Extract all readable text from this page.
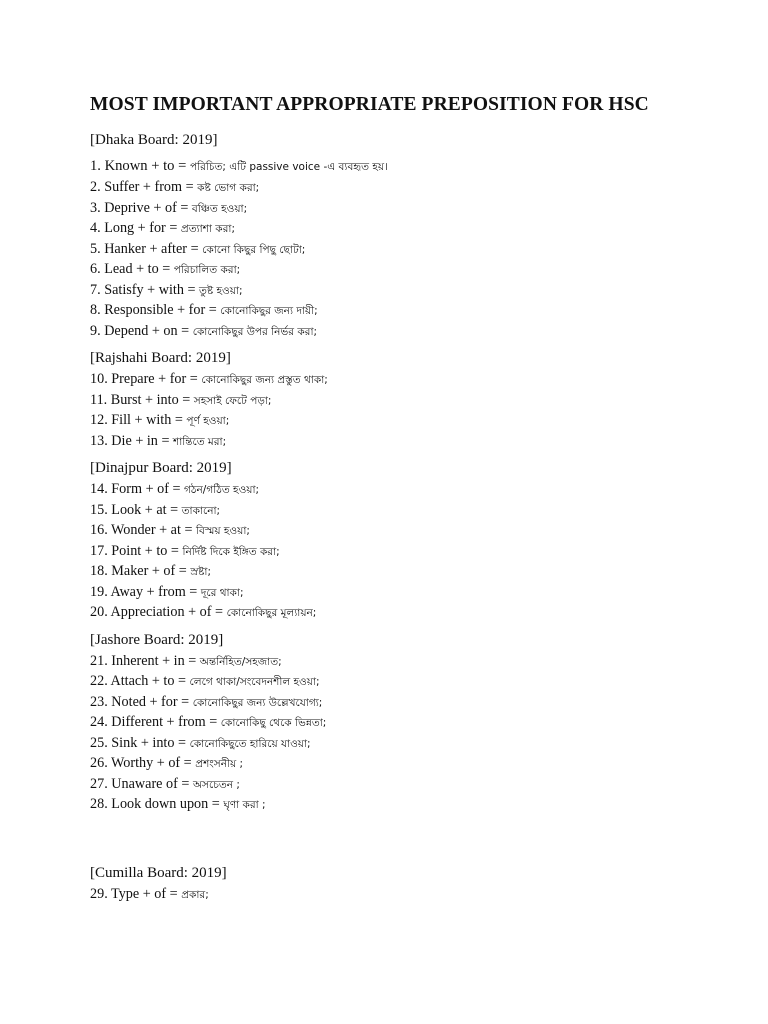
MOST IMPORTANT APPROPRIATE PREPOSITION FOR HSC
[Dhaka Board: 2019]
1. Known + to = পরিচিত; এটি passive voice -এ ব্যবহৃত হয়।
2. Suffer + from = কষ্ট ভোগ করা;
3. Deprive + of = বঞ্চিত হওয়া;
4. Long + for = প্রত্যাশা করা;
5. Hanker + after = কোনো কিছুর পিছু ছোটা;
6. Lead + to = পরিচালিত করা;
7. Satisfy + with = তুষ্ট হওয়া;
8. Responsible + for = কোনোকিছুর জন্য দায়ী;
9. Depend + on = কোনোকিছুর উপর নির্ভর করা;
[Rajshahi Board: 2019]
10. Prepare + for = কোনোকিছুর জন্য প্রস্তুত থাকা;
11. Burst + into = সহসাই ফেটে পড়া;
12. Fill + with = পূর্ণ হওয়া;
13. Die + in = শান্তিতে মরা;
[Dinajpur Board: 2019]
14. Form + of = গঠন/গঠিত হওয়া;
15. Look + at = তাকানো;
16. Wonder + at = বিস্ময় হওয়া;
17. Point + to = নির্দিষ্ট দিকে ইঙ্গিত করা;
18. Maker + of = স্রষ্টা;
19. Away + from = দূরে থাকা;
20. Appreciation + of = কোনোকিছুর মূল্যায়ন;
[Jashore Board: 2019]
21. Inherent + in = অন্তর্নিহিত/সহজাত;
22. Attach + to = লেগে থাকা/সংবেদনশীল হওয়া;
23. Noted + for = কোনোকিছুর জন্য উল্লেখযোগ্য;
24. Different + from = কোনোকিছু থেকে ভিন্নতা;
25. Sink + into = কোনোকিছুতে হারিয়ে যাওয়া;
26. Worthy + of = প্রশংসনীয় ;
27. Unaware of = অসচেতন ;
28. Look down upon = ঘৃণা করা ;
[Cumilla Board: 2019]
29. Type + of = প্রকার;
